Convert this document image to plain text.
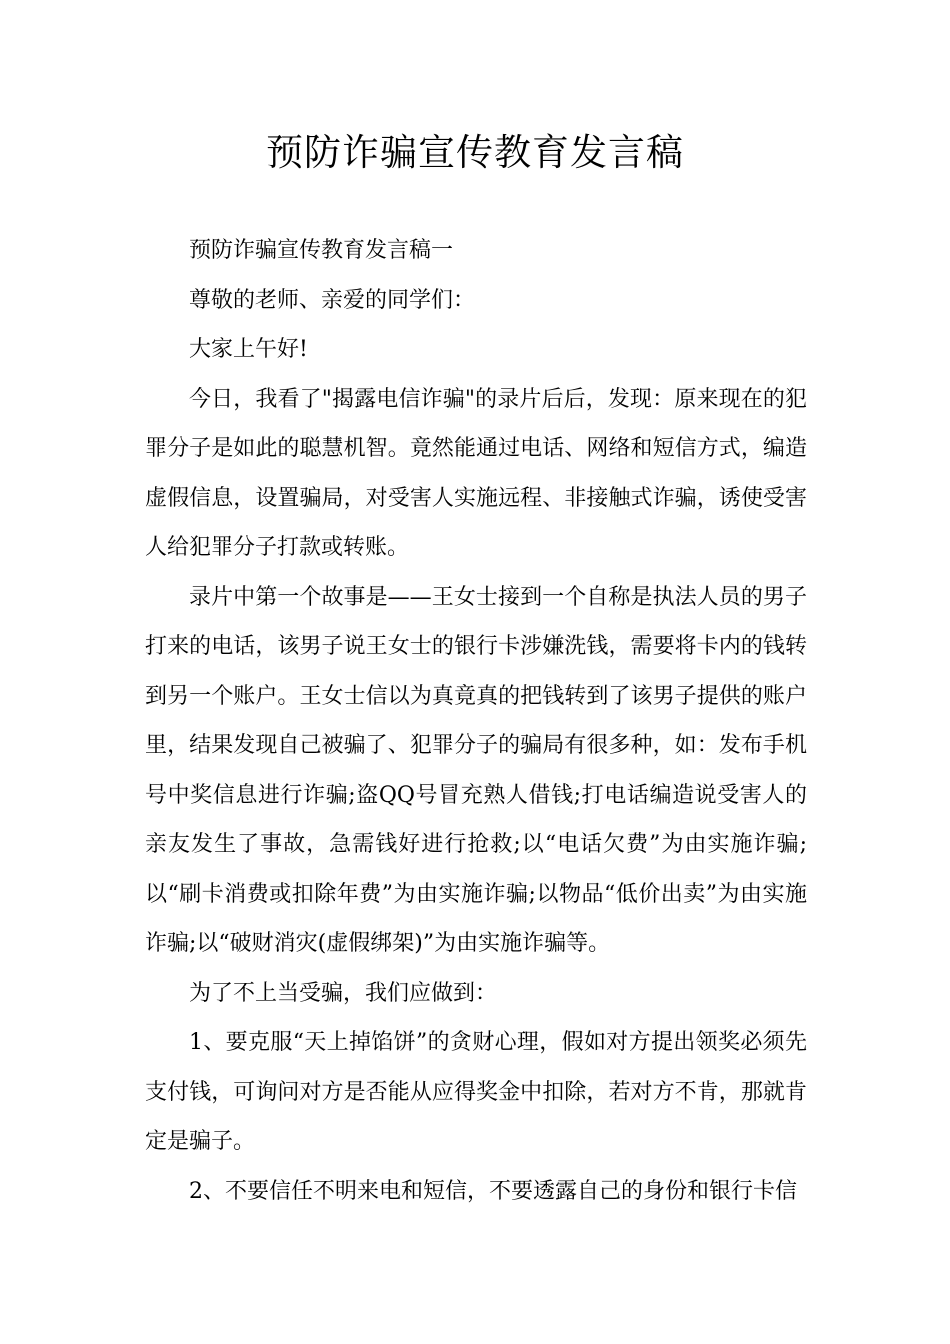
预防诈骗宣传教育发言稿

预防诈骗宣传教育发言稿一

尊敬的老师、亲爱的同学们：

大家上午好!

今日，我看了"揭露电信诈骗"的录片后后，发现：原来现在的犯罪分子是如此的聪慧机智。竟然能通过电话、网络和短信方式，编造虚假信息，设置骗局，对受害人实施远程、非接触式诈骗，诱使受害人给犯罪分子打款或转账。

录片中第一个故事是——王女士接到一个自称是执法人员的男子打来的电话，该男子说王女士的银行卡涉嫌洗钱，需要将卡内的钱转到另一个账户。王女士信以为真竟真的把钱转到了该男子提供的账户里，结果发现自己被骗了、犯罪分子的骗局有很多种，如：发布手机号中奖信息进行诈骗;盗QQ号冒充熟人借钱;打电话编造说受害人的亲友发生了事故，急需钱好进行抢救;以“电话欠费”为由实施诈骗;以“刷卡消费或扣除年费”为由实施诈骗;以物品“低价出卖”为由实施诈骗;以“破财消灾(虚假绑架)”为由实施诈骗等。

为了不上当受骗，我们应做到：

1、要克服“天上掉馅饼”的贪财心理，假如对方提出领奖必须先支付钱，可询问对方是否能从应得奖金中扣除，若对方不肯，那就肯定是骗子。

2、不要信任不明来电和短信，不要透露自己的身份和银行卡信
